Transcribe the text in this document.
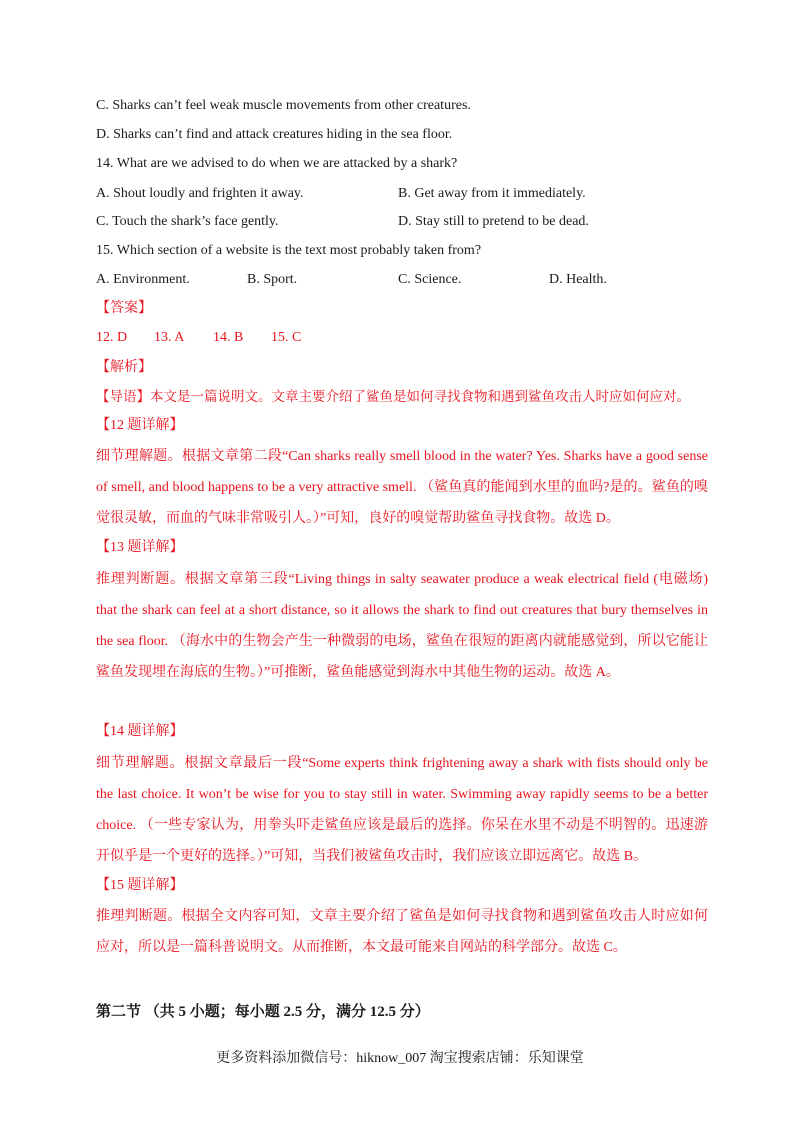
C. Sharks can’t feel weak muscle movements from other creatures.
D. Sharks can’t find and attack creatures hiding in the sea floor.
14. What are we advised to do when we are attacked by a shark?
A. Shout loudly and frighten it away.	B. Get away from it immediately.
C. Touch the shark’s face gently.	D. Stay still to pretend to be dead.
15. Which section of a website is the text most probably taken from?
A. Environment.	B. Sport.	C. Science.	D. Health.
【答案】
12. D 13. A 14. B 15. C
【解析】
【导语】本文是一篇说明文。文章主要介绍了鲨鱼是如何寻找食物和遇到鲨鱼攻击人时应如何应对。
【12 题详解】
细节理解题。根据文章第二段“Can sharks really smell blood in the water? Yes. Sharks have a good sense of smell, and blood happens to be a very attractive smell. （鲨鱼真的能闻到水里的血吗?是的。鲨鱼的嗅觉很灵敏，而血的气味非常吸引人。）”可知，良好的嗅觉帮助鲨鱼寻找食物。故选 D。
【13 题详解】
推理判断题。根据文章第三段“Living things in salty seawater produce a weak electrical field (电磁场) that the shark can feel at a short distance, so it allows the shark to find out creatures that bury themselves in the sea floor. （海水中的生物会产生一种微弱的电场，鲨鱼在很短的距离内就能感觉到，所以它能让鲨鱼发现埋在海底的生物。）”可推断，鲨鱼能感觉到海水中其他生物的运动。故选 A。
【14 题详解】
细节理解题。根据文章最后一段“Some experts think frightening away a shark with fists should only be the last choice. It won’t be wise for you to stay still in water. Swimming away rapidly seems to be a better choice. （一些专家认为，用拳头吓走鲨鱼应该是最后的选择。你呆在水里不动是不明智的。迅速游开似乎是一个更好的选择。）”可知，当我们被鲨鱼攻击时，我们应该立即远离它。故选 B。
【15 题详解】
推理判断题。根据全文内容可知，文章主要介绍了鲨鱼是如何寻找食物和遇到鲨鱼攻击人时应如何应对，所以是一篇科普说明文。从而推断，本文最可能来自网站的科学部分。故选 C。
第二节 （共 5 小题；每小题 2.5 分，满分 12.5 分）
更多资料添加微信号：hiknow_007 淘宝搜索店铺：乐知课堂
